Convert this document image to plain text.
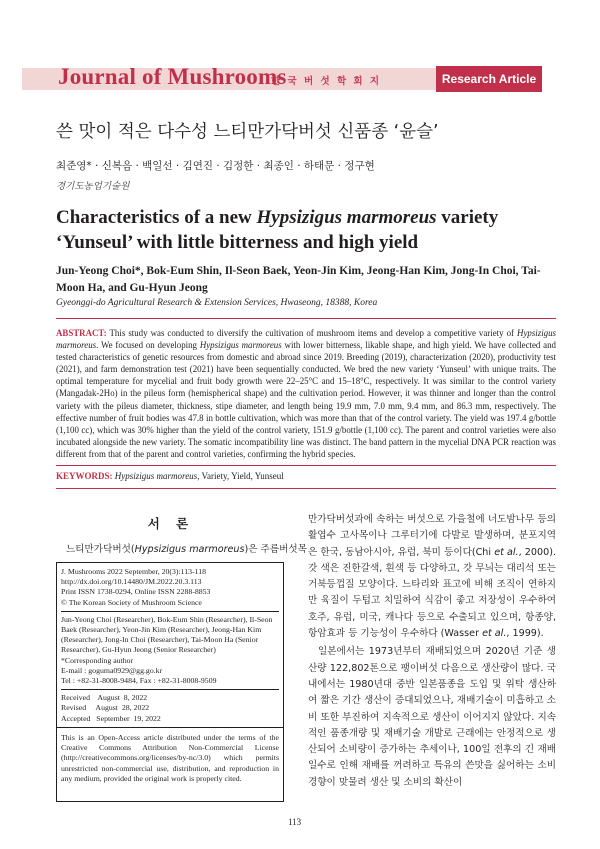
Journal of Mushrooms
한 국 버 섯 학 회 지	Research Article
쓴 맛이 적은 다수성 느티만가닥버섯 신품종 ‘윤슬’
최준영* · 신복음 · 백일선 · 김연진 · 김정한 · 최종인 · 하태문 · 정구현
경기도농업기술원
Characteristics of a new Hypsizigus marmoreus variety ‘Yunseul’ with little bitterness and high yield
Jun-Yeong Choi*, Bok-Eum Shin, Il-Seon Baek, Yeon-Jin Kim, Jeong-Han Kim, Jong-In Choi, Tai-Moon Ha, and Gu-Hyun Jeong
Gyeonggi-do Agricultural Research & Extension Services, Hwaseong, 18388, Korea
ABSTRACT: This study was conducted to diversify the cultivation of mushroom items and develop a competitive variety of Hypsizigus marmoreus. We focused on developing Hypsizigus marmoreus with lower bitterness, likable shape, and high yield. We have collected and tested characteristics of genetic resources from domestic and abroad since 2019. Breeding (2019), characterization (2020), productivity test (2021), and farm demonstration test (2021) have been sequentially conducted. We bred the new variety ‘Yunseul’ with unique traits. The optimal temperature for mycelial and fruit body growth were 22–25°C and 15–18°C, respectively. It was similar to the control variety (Mangadak-2Ho) in the pileus form (hemispherical shape) and the cultivation period. However, it was thinner and longer than the control variety with the pileus diameter, thickness, stipe diameter, and length being 19.9 mm, 7.0 mm, 9.4 mm, and 86.3 mm, respectively. The effective number of fruit bodies was 47.8 in bottle cultivation, which was more than that of the control variety. The yield was 197.4 g/bottle (1,100 cc), which was 30% higher than the yield of the control variety, 151.9 g/bottle (1,100 cc). The parent and control varieties were also incubated alongside the new variety. The somatic incompatibility line was distinct. The band pattern in the mycelial DNA PCR reaction was different from that of the parent and control varieties, confirming the hybrid species.
KEYWORDS: Hypsizigus marmoreus, Variety, Yield, Yunseul
서 론
느티만가닥버섯(Hypsizigus marmoreus)은 주름버섯목
J. Mushrooms 2022 September, 20(3):113-118
http://dx.doi.org/10.14480/JM.2022.20.3.113
Print ISSN 1738-0294, Online ISSN 2288-8853
© The Korean Society of Mushroom Science
Jun-Yeong Choi (Researcher), Bok-Eum Shin (Researcher), Il-Seon Baek (Researcher), Yeon-Jin Kim (Researcher), Jeong-Han Kim (Researcher), Jong-In Choi (Researcher), Tai-Moon Ha (Senior Researcher), Gu-Hyun Jeong (Senior Researcher)
*Corresponding author
E-mail : goguma0929@gg.go.kr
Tel : +82-31-8008-9484, Fax : +82-31-8008-9509
Received    August  8, 2022
Revised     August  28, 2022
Accepted   September  19, 2022
This is an Open-Access article distributed under the terms of the Creative Commons Attribution Non-Commercial License (http://creativecommons.org/licenses/by-nc/3.0) which permits unrestricted non-commercial use, distribution, and reproduction in any medium, provided the original work is properly cited.

만가닥버섯과에 속하는 버섯으로 가을철에 너도밤나무 등의 활엽수 고사목이나 그루터기에 다발로 발생하며, 분포지역은 한국, 동남아시아, 유럽, 북미 등이다(Chi et al., 2000). 갓 색은 진한갈색, 흰색 등 다양하고, 갓 무늬는 대리석 또는 거북등껍질 모양이다. 느타리와 표고에 비해 조직이 연하지만 육질이 두텁고 치밀하여 식감이 좋고 저장성이 우수하여 호주, 유럽, 미국, 캐나다 등으로 수출되고 있으며, 항종양, 항암효과 등 기능성이 우수하다 (Wasser et al., 1999).

일본에서는 1973년부터 재배되었으며 2020년 기준 생산량 122,802톤으로 팽이버섯 다음으로 생산량이 많다. 국내에서는 1980년대 중반 일본품종을 도입 및 위탁 생산하여 짧은 기간 생산이 증대되었으나, 재배기술이 미흡하고 소비 또한 부진하여 지속적으로 생산이 이어지지 않았다. 지속적인 품종개량 및 재배기술 개발로 근래에는 안정적으로 생산되어 소비량이 증가하는 추세이나, 100일 전후의 긴 재배일수로 인해 재배를 꺼려하고 특유의 쓴맛을 싫어하는 소비경향이 맞물려 생산 및 소비의 확산이

113
